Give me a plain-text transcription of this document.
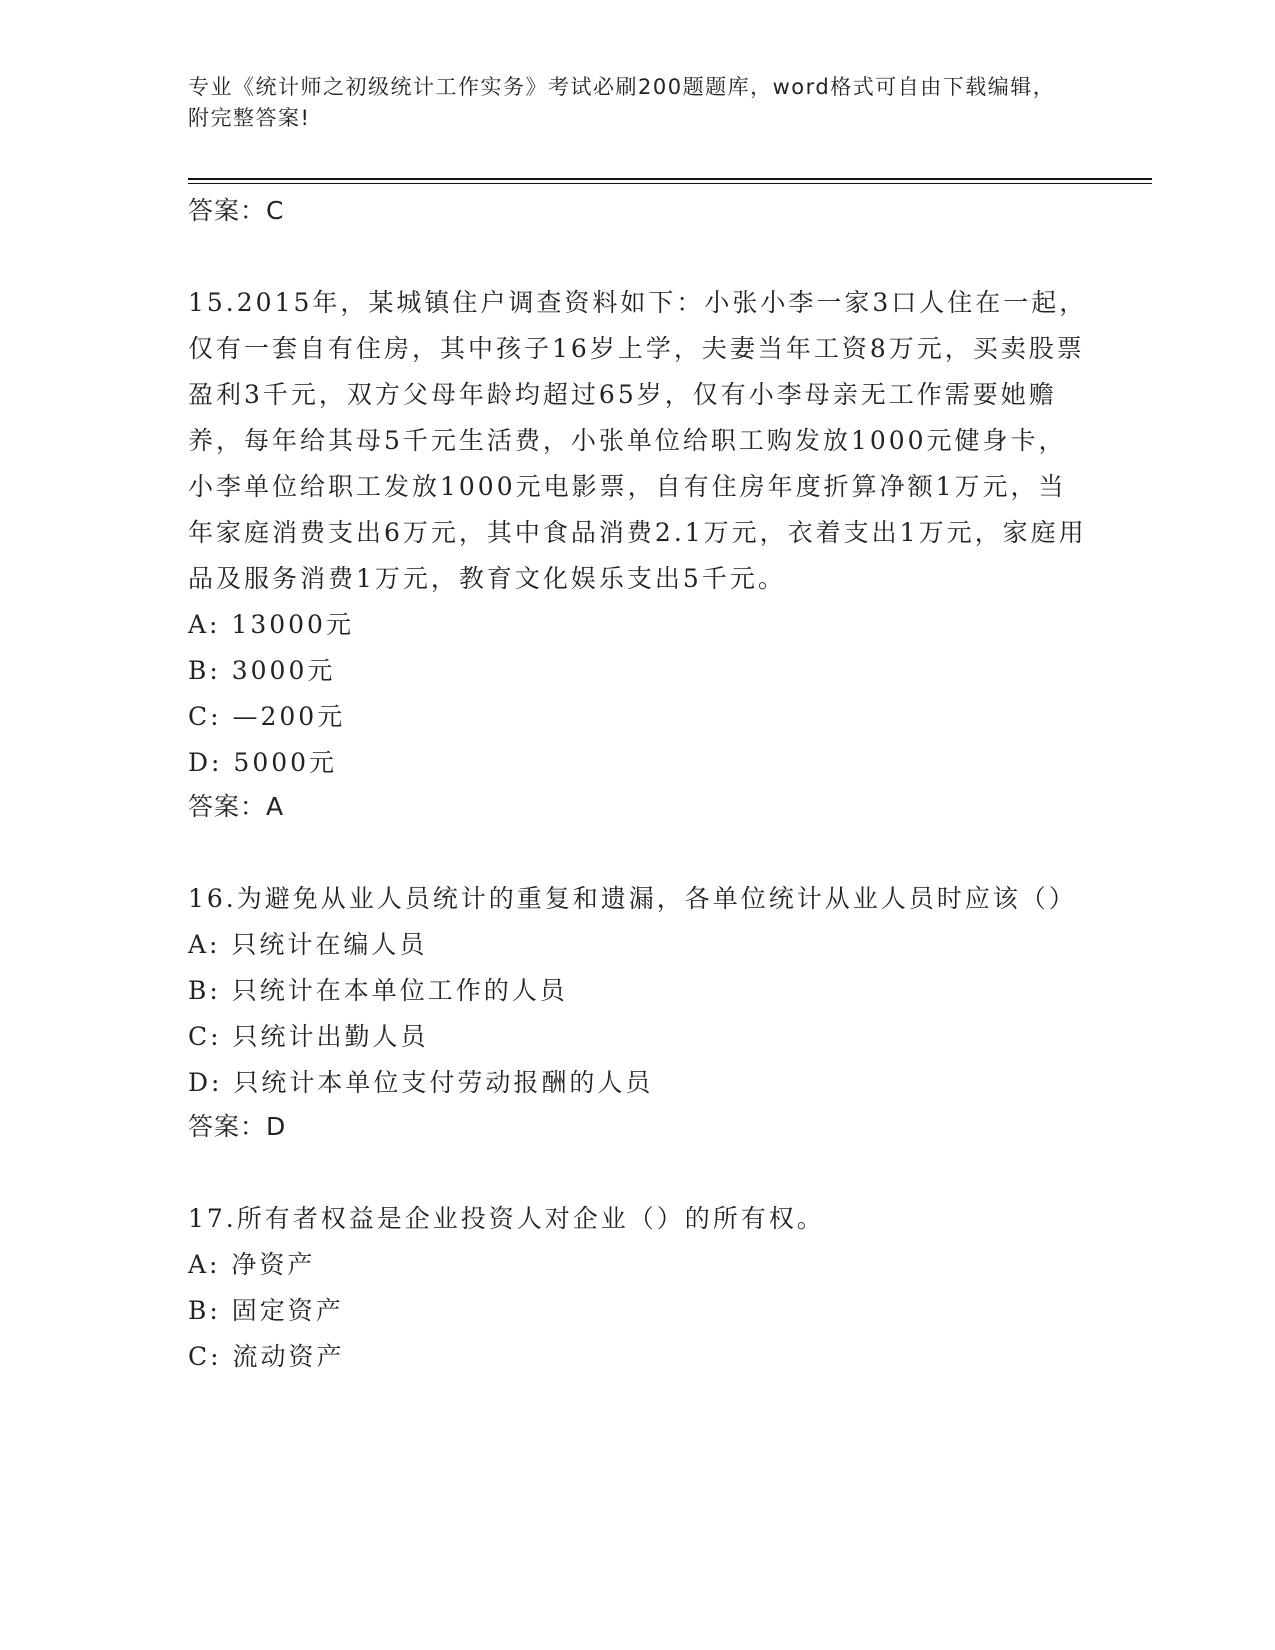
专业《统计师之初级统计工作实务》考试必刷200题题库，word格式可自由下载编辑，附完整答案!

答案：C

15.2015年，某城镇住户调查资料如下：小张小李一家3口人住在一起，仅有一套自有住房，其中孩子16岁上学，夫妻当年工资8万元，买卖股票盈利3千元，双方父母年龄均超过65岁，仅有小李母亲无工作需要她赡养，每年给其母5千元生活费，小张单位给职工购发放1000元健身卡，小李单位给职工发放1000元电影票，自有住房年度折算净额1万元，当年家庭消费支出6万元，其中食品消费2.1万元，衣着支出1万元，家庭用品及服务消费1万元，教育文化娱乐支出5千元。

A: 13000元

B: 3000元

C: —200元

D: 5000元

答案：A

16.为避免从业人员统计的重复和遗漏，各单位统计从业人员时应该（）

A: 只统计在编人员

B: 只统计在本单位工作的人员

C: 只统计出勤人员

D: 只统计本单位支付劳动报酬的人员

答案：D

17.所有者权益是企业投资人对企业（）的所有权。

A: 净资产

B: 固定资产

C: 流动资产
